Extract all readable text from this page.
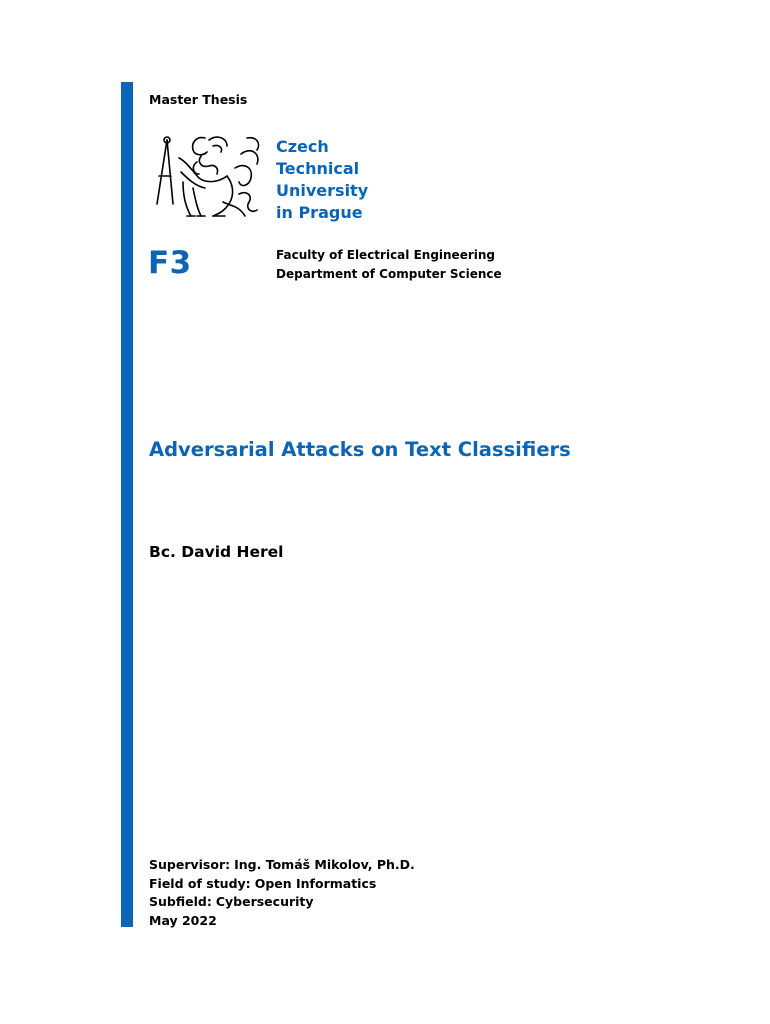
Master Thesis
Czech
Technical
University
in Prague
F3	Faculty of Electrical Engineering
Department of Computer Science
Adversarial Attacks on Text Classifiers
Bc. David Herel
Supervisor: Ing. Tomáš Mikolov, Ph.D.
Field of study: Open Informatics
Subfield: Cybersecurity
May 2022
